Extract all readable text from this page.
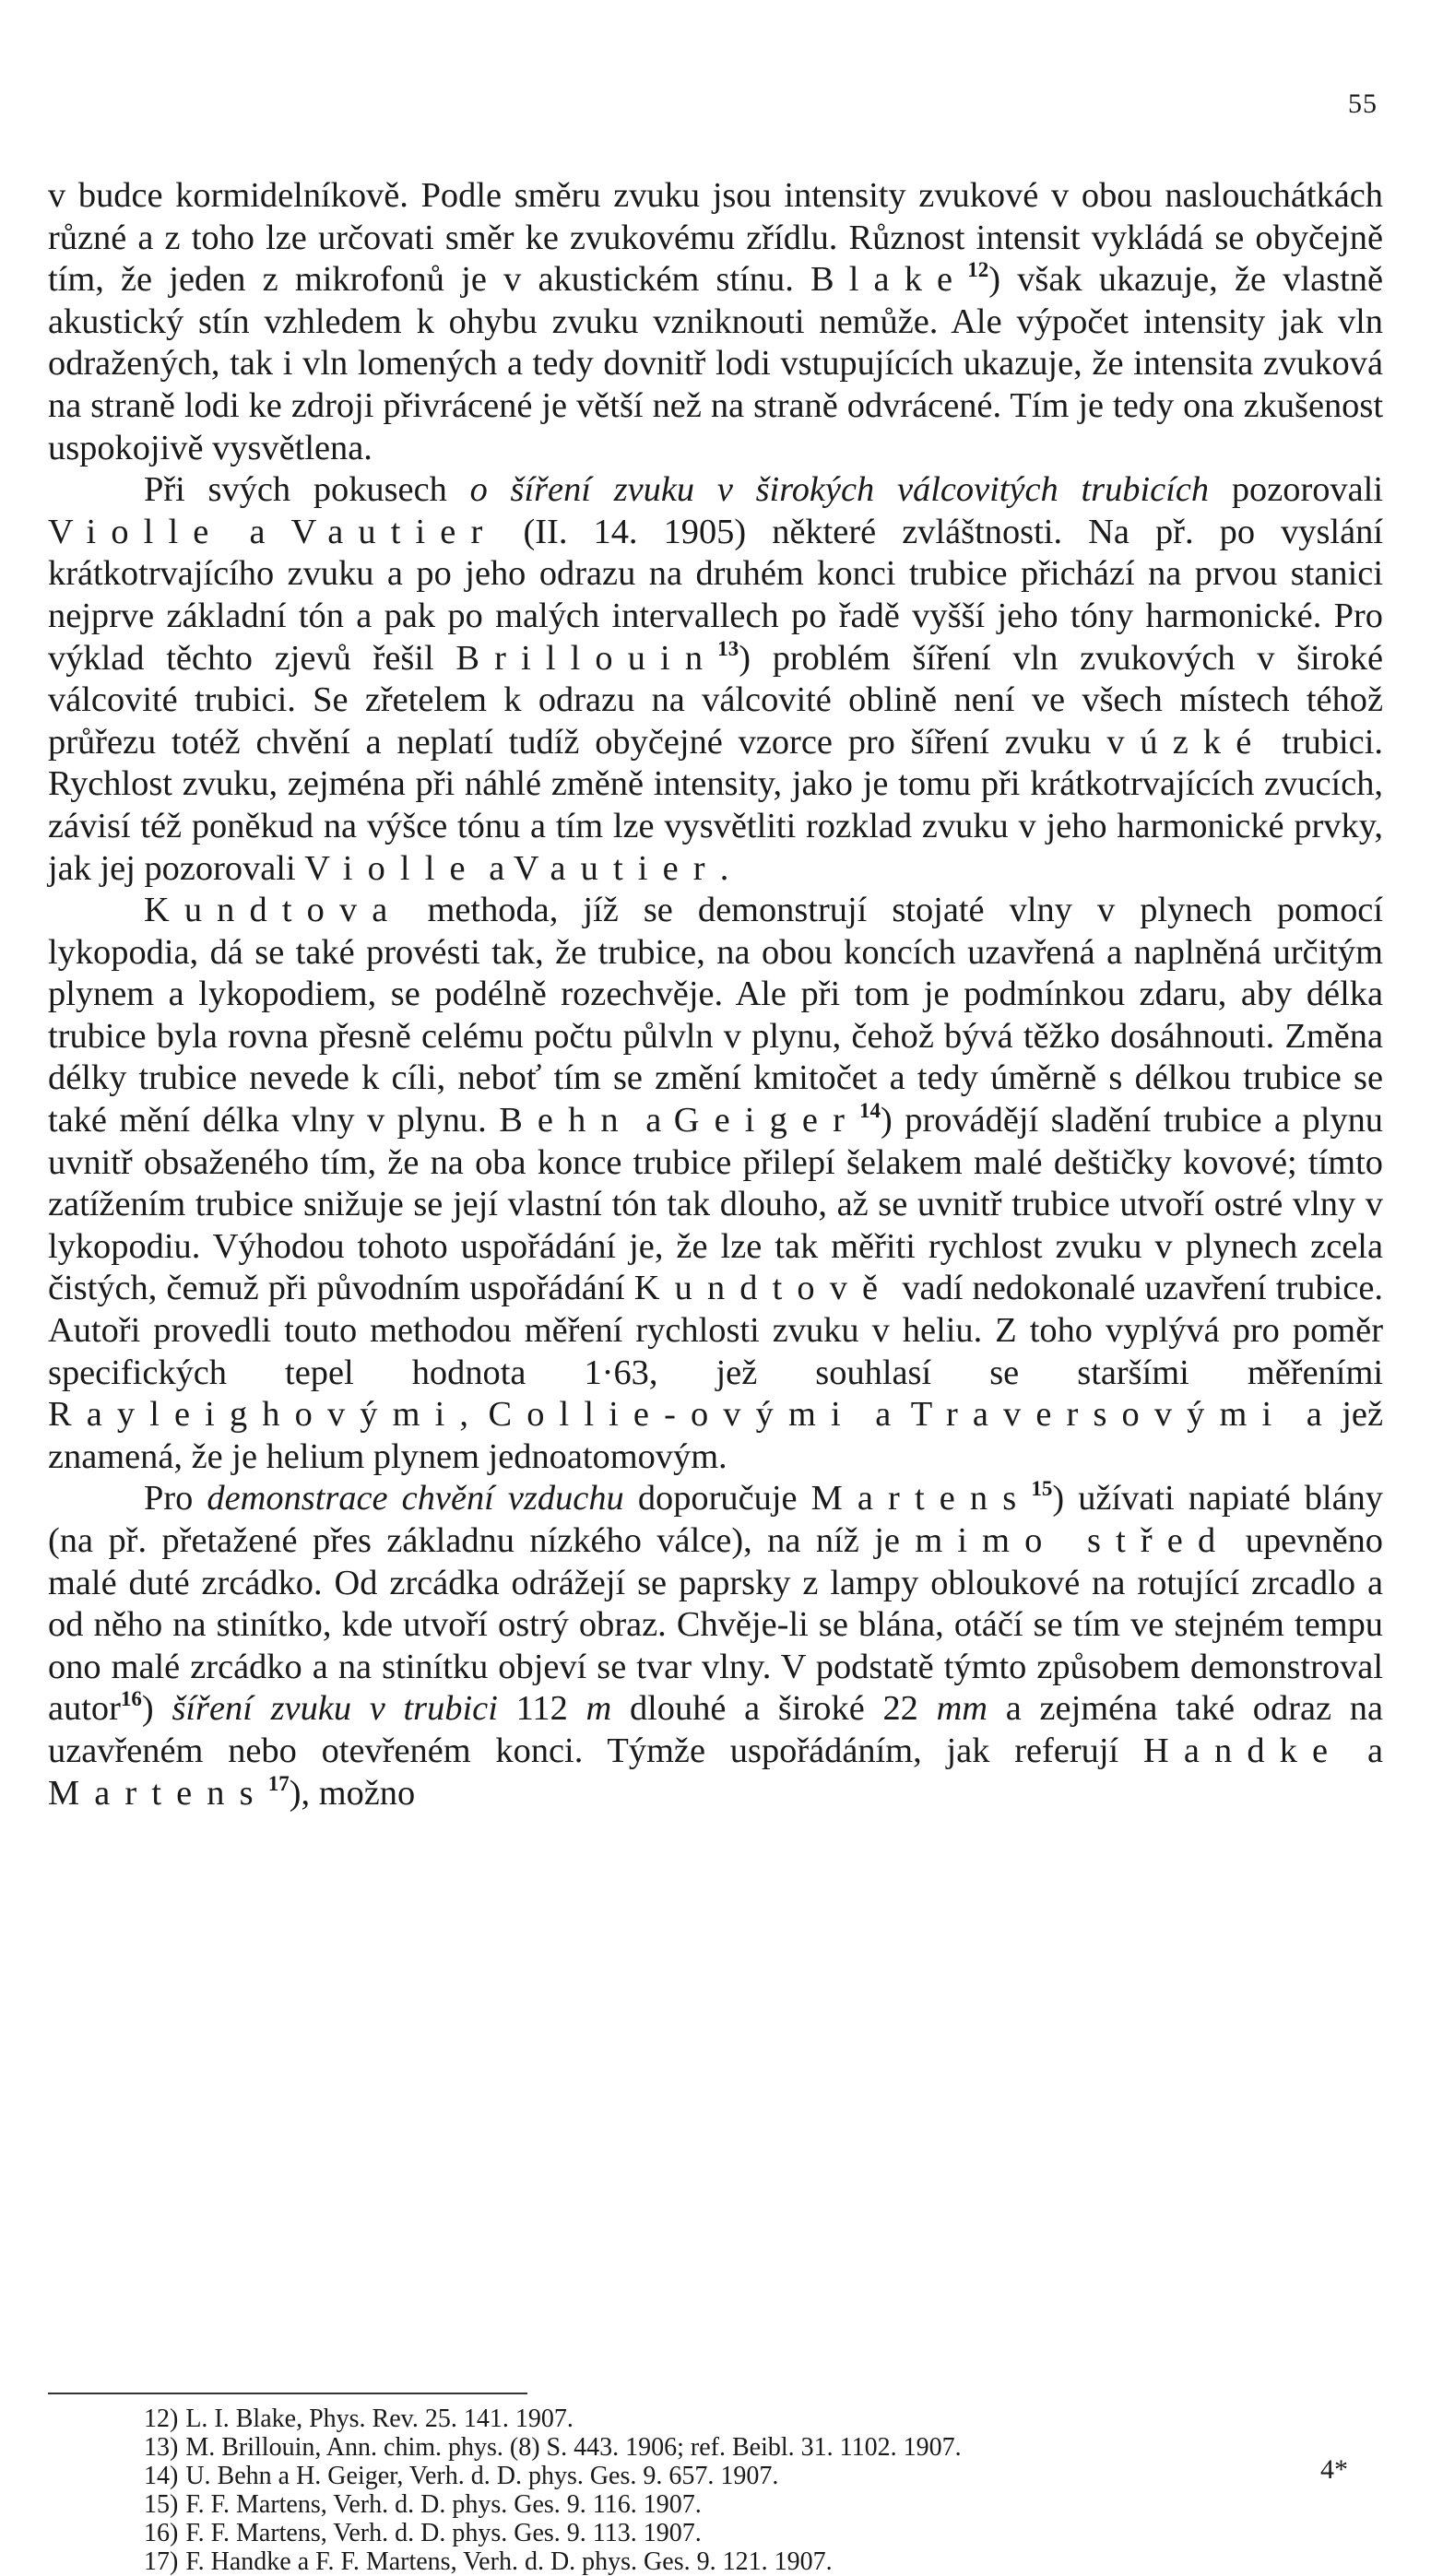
55

v budce kormidelníkově. Podle směru zvuku jsou intensity zvukové v obou naslouchátkách různé a z toho lze určovati směr ke zvukovému zřídlu. Různost intensit vykládá se obyčejně tím, že jeden z mikrofonů je v akustickém stínu. Blake$^{12}$) však ukazuje, že vlastně akustický stín vzhledem k ohybu zvuku vzniknouti nemůže. Ale výpočet intensity jak vln odražených, tak i vln lomených a tedy dovnitř lodi vstupujících ukazuje, že intensita zvuková na straně lodi ke zdroji přivrácené je větší než na straně odvrácené. Tím je tedy ona zkušenost uspokojivě vysvětlena.

Při svých pokusech o šíření zvuku v širokých válcovitých trubicích pozorovali Violle a Vautier (II. 14. 1905) některé zvláštnosti. Na př. po vyslání krátkotrvajícího zvuku a po jeho odrazu na druhém konci trubice přichází na prvou stanici nejprve základní tón a pak po malých intervallech po řadě vyšší jeho tóny harmonické. Pro výklad těchto zjevů řešil Brillouin$^{13}$) problém šíření vln zvukových v široké válcovité trubici. Se zřetelem k odrazu na válcovité oblině není ve všech místech téhož průřezu totéž chvění a neplatí tudíž obyčejné vzorce pro šíření zvuku v úzké trubici. Rychlost zvuku, zejména při náhlé změně intensity, jako je tomu při krátkotrvajících zvucích, závisí též poněkud na výšce tónu a tím lze vysvětliti rozklad zvuku v jeho harmonické prvky, jak jej pozorovali Violle a Vautier.

Kundtova methoda, jíž se demonstrují stojaté vlny v plynech pomocí lykopodia, dá se také provésti tak, že trubice, na obou koncích uzavřená a naplněná určitým plynem a lykopodiem, se podélně rozechvěje. Ale při tom je podmínkou zdaru, aby délka trubice byla rovna přesně celému počtu půlvln v plynu, čehož bývá těžko dosáhnouti. Změna délky trubice nevede k cíli, neboť tím se změní kmitočet a tedy úměrně s délkou trubice se také mění délka vlny v plynu. Behn a Geiger$^{14}$) provádějí sladění trubice a plynu uvnitř obsaženého tím, že na oba konce trubice přilepí šelakem malé deštičky kovové; tímto zatížením trubice snižuje se její vlastní tón tak dlouho, až se uvnitř trubice utvoří ostré vlny v lykopodiu. Výhodou tohoto uspořádání je, že lze tak měřiti rychlost zvuku v plynech zcela čistých, čemuž při původním uspořádání Kundtově vadí nedokonalé uzavření trubice. Autoři provedli touto methodou měření rychlosti zvuku v heliu. Z toho vyplývá pro poměr specifických tepel hodnota 1·63, jež souhlasí se staršími měřeními Rayleighovými, Collie-ovými a Traversovými a jež znamená, že je helium plynem jednoatomovým.

Pro demonstrace chvění vzduchu doporučuje Martens$^{15}$) užívati napiaté blány (na př. přetažené přes základnu nízkého válce), na níž je mimo střed upevněno malé duté zrcádko. Od zrcádka odrážejí se paprsky z lampy obloukové na rotující zrcadlo a od něho na stinítko, kde utvoří ostrý obraz. Chvěje-li se blána, otáčí se tím ve stejném tempu ono malé zrcádko a na stinítku objeví se tvar vlny. V podstatě týmto způsobem demonstroval autor$^{16}$) šíření zvuku v trubici 112 m dlouhé a široké 22 mm a zejména také odraz na uzavřeném nebo otevřeném konci. Týmže uspořádáním, jak referují Handke a Martens$^{17}$), možno

12) L. I. Blake, Phys. Rev. 25. 141. 1907.

13) M. Brillouin, Ann. chim. phys. (8) S. 443. 1906; ref. Beibl. 31. 1102. 1907.

14) U. Behn a H. Geiger, Verh. d. D. phys. Ges. 9. 657. 1907.

15) F. F. Martens, Verh. d. D. phys. Ges. 9. 116. 1907.

16) F. F. Martens, Verh. d. D. phys. Ges. 9. 113. 1907.

17) F. Handke a F. F. Martens, Verh. d. D. phys. Ges. 9. 121. 1907.

4*
